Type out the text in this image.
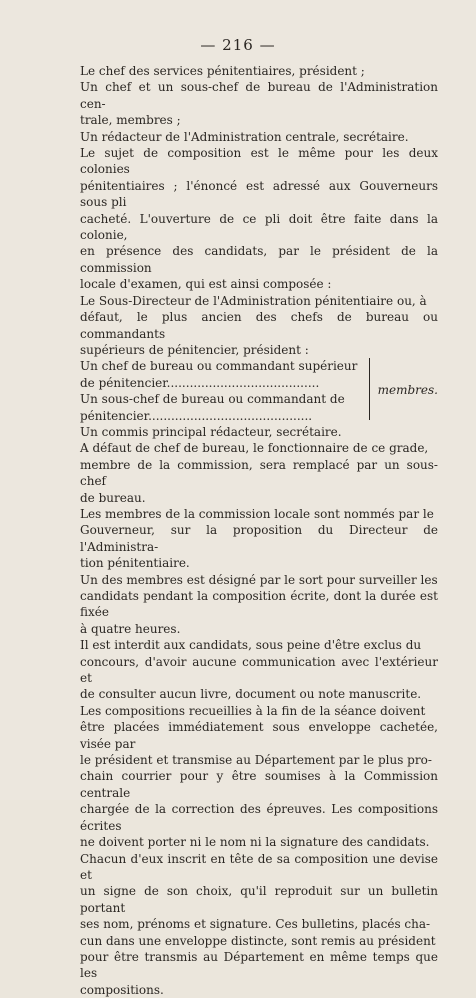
— 216 —

Le chef des services pénitentiaires, président ;

Un chef et un sous-chef de bureau de l'Administration cen-

trale, membres ;

Un rédacteur de l'Administration centrale, secrétaire.

Le sujet de composition est le même pour les deux colonies

pénitentiaires ; l'énoncé est adressé aux Gouverneurs sous pli

cacheté. L'ouverture de ce pli doit être faite dans la colonie,

en présence des candidats, par le président de la commission

locale d'examen, qui est ainsi composée :

Le Sous-Directeur de l'Administration pénitentiaire ou, à

défaut, le plus ancien des chefs de bureau ou commandants

supérieurs de pénitencier, président :

Un chef de bureau ou commandant supérieur

de pénitencier........................................

Un sous-chef de bureau ou commandant de

pénitencier...........................................

membres.

Un commis principal rédacteur, secrétaire.

A défaut de chef de bureau, le fonctionnaire de ce grade,

membre de la commission, sera remplacé par un sous-chef

de bureau.

Les membres de la commission locale sont nommés par le

Gouverneur, sur la proposition du Directeur de l'Administra-

tion pénitentiaire.

Un des membres est désigné par le sort pour surveiller les

candidats pendant la composition écrite, dont la durée est fixée

à quatre heures.

Il est interdit aux candidats, sous peine d'être exclus du

concours, d'avoir aucune communication avec l'extérieur et

de consulter aucun livre, document ou note manuscrite.

Les compositions recueillies à la fin de la séance doivent

être placées immédiatement sous enveloppe cachetée, visée par

le président et transmise au Département par le plus pro-

chain courrier pour y être soumises à la Commission centrale

chargée de la correction des épreuves. Les compositions écrites

ne doivent porter ni le nom ni la signature des candidats.

Chacun d'eux inscrit en tête de sa composition une devise et

un signe de son choix, qu'il reproduit sur un bulletin portant

ses nom, prénoms et signature. Ces bulletins, placés cha-

cun dans une enveloppe distincte, sont remis au président

pour être transmis au Département en même temps que les

compositions.
